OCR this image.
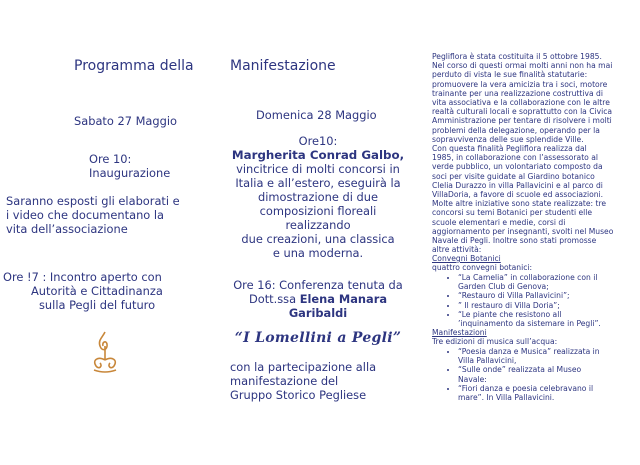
Programma della
Sabato 27 Maggio
Ore 10:
Inaugurazione
Saranno esposti gli elaborati e
i video che documentano la
vita dell’associazione
Ore !7 : Incontro aperto con
Autorità e Cittadinanza
sulla Pegli del futuro
Manifestazione
Domenica 28 Maggio
Ore10:
Margherita Conrad Galbo,
vincitrice di molti concorsi in
Italia e all’estero, eseguirà la
dimostrazione di due
composizioni floreali
realizzando
due creazioni, una classica
e una moderna.
Ore 16: Conferenza tenuta da
Dott.ssa Elena Manara
Garibaldi
“I Lomellini a Pegli”
con la partecipazione alla
manifestazione del
Gruppo Storico Pegliese
Pegliflora è stata costituita il 5 ottobre 1985.
Nel corso di questi ormai molti anni non ha mai
perduto di vista le sue finalità statutarie:
promuovere la vera amicizia tra i soci, motore
trainante per una realizzazione costruttiva di
vita associativa e la collaborazione con le altre
realtà culturali locali e soprattutto con la Civica
Amministrazione per tentare di risolvere i molti
problemi della delegazione, operando per la
sopravvivenza delle sue splendide Ville.
Con questa finalità Pegliflora realizza dal
1985, in collaborazione con l’assessorato al
verde pubblico, un volontariato composto da
soci per visite guidate al Giardino botanico
Clelia Durazzo in villa Pallavicini e al parco di
VillaDoria, a favore di scuole ed associazioni.
Molte altre iniziative sono state realizzate: tre
concorsi su temi Botanici per studenti elle
scuole elementari e medie, corsi di
aggiornamento per insegnanti, svolti nel Museo
Navale di Pegli. Inoltre sono stati promosse
altre attività:
Convegni Botanici
quattro convegni botanici:
• “La Camelia” in collaborazione con il
Garden Club di Genova;
• “Restauro di Villa Pallavicini”;
• ” Il restauro di Villa Doria”;
• “Le piante che resistono all
’inquinamento da sistemare in Pegli”.
Manifestazioni
Tre edizioni di musica sull’acqua:
• “Poesia danza e Musica” realizzata in
Villa Pallavicini,
• “Sulle onde” realizzata al Museo
Navale:
• “Fiori danza e poesia celebravano il
mare”. In Villa Pallavicini.
